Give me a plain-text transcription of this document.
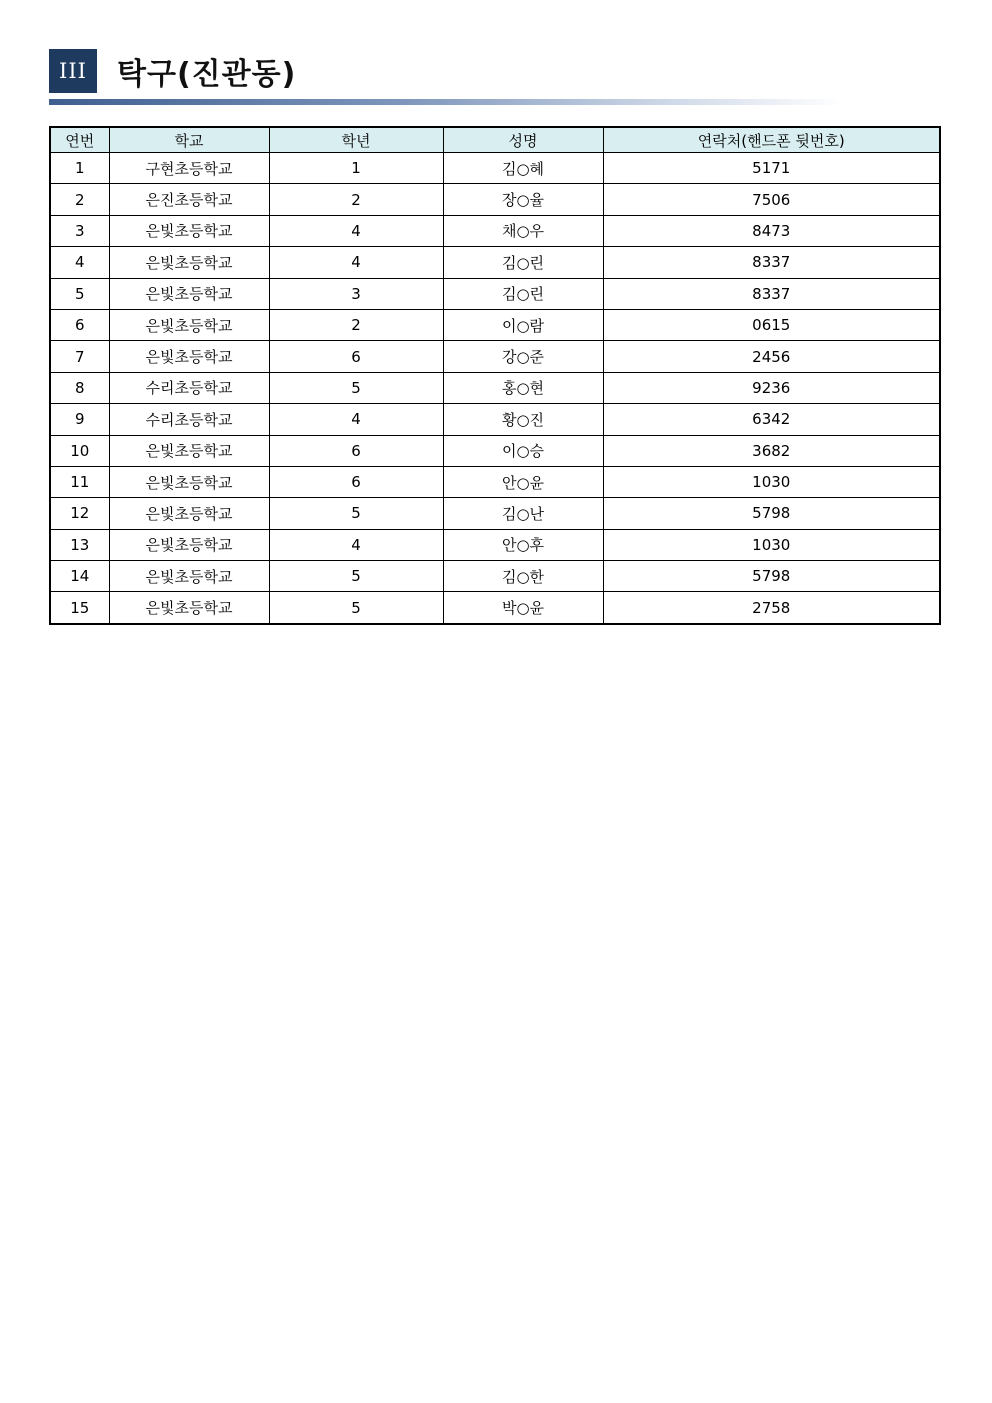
III	탁구(진관동)
연번	학교	학년	성명	연락처(핸드폰 뒷번호)
1	구현초등학교	1	김○혜	5171
2	은진초등학교	2	장○율	7506
3	은빛초등학교	4	채○우	8473
4	은빛초등학교	4	김○린	8337
5	은빛초등학교	3	김○린	8337
6	은빛초등학교	2	이○람	0615
7	은빛초등학교	6	강○준	2456
8	수리초등학교	5	홍○현	9236
9	수리초등학교	4	황○진	6342
10	은빛초등학교	6	이○승	3682
11	은빛초등학교	6	안○윤	1030
12	은빛초등학교	5	김○난	5798
13	은빛초등학교	4	안○후	1030
14	은빛초등학교	5	김○한	5798
15	은빛초등학교	5	박○윤	2758
